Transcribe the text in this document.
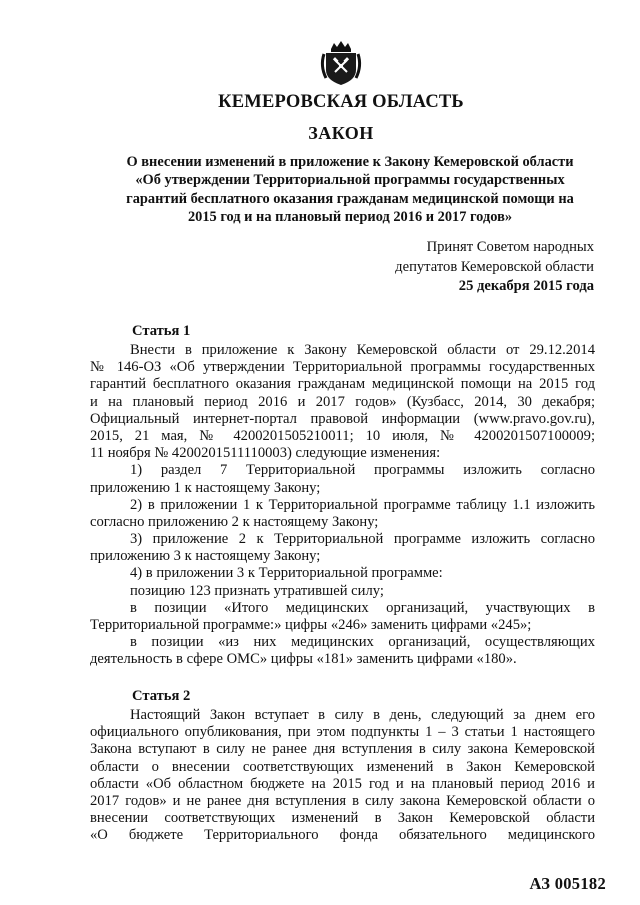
КЕМЕРОВСКАЯ ОБЛАСТЬ
ЗАКОН
О внесении изменений в приложение к Закону Кемеровской области
«Об утверждении Территориальной программы государственных
гарантий бесплатного оказания гражданам медицинской помощи на
2015 год и на плановый период 2016 и 2017 годов»
Принят Советом народных
депутатов Кемеровской области
25 декабря 2015 года
Статья 1
Внести в приложение к Закону Кемеровской области от 29.12.2014
№ 146-ОЗ «Об утверждении Территориальной программы государственных
гарантий бесплатного оказания гражданам медицинской помощи на 2015 год
и на плановый период 2016 и 2017 годов» (Кузбасс, 2014, 30 декабря;
Официальный интернет-портал правовой информации (www.pravo.gov.ru),
2015, 21 мая, № 4200201505210011; 10 июля, № 4200201507100009;
11 ноября № 4200201511110003) следующие изменения:
1) раздел 7 Территориальной программы изложить согласно
приложению 1 к настоящему Закону;
2) в приложении 1 к Территориальной программе таблицу 1.1 изложить
согласно приложению 2 к настоящему Закону;
3) приложение 2 к Территориальной программе изложить согласно
приложению 3 к настоящему Закону;
4) в приложении 3 к Территориальной программе:
позицию 123 признать утратившей силу;
в позиции «Итого медицинских организаций, участвующих в
Территориальной программе:» цифры «246» заменить цифрами «245»;
в позиции «из них медицинских организаций, осуществляющих
деятельность в сфере ОМС» цифры «181» заменить цифрами «180».
Статья 2
Настоящий Закон вступает в силу в день, следующий за днем его
официального опубликования, при этом подпункты 1 – 3 статьи 1 настоящего
Закона вступают в силу не ранее дня вступления в силу закона Кемеровской
области о внесении соответствующих изменений в Закон Кемеровской
области «Об областном бюджете на 2015 год и на плановый период 2016 и
2017 годов» и не ранее дня вступления в силу закона Кемеровской области о
внесении соответствующих изменений в Закон Кемеровской области
«О бюджете Территориального фонда обязательного медицинского
АЗ 005182
